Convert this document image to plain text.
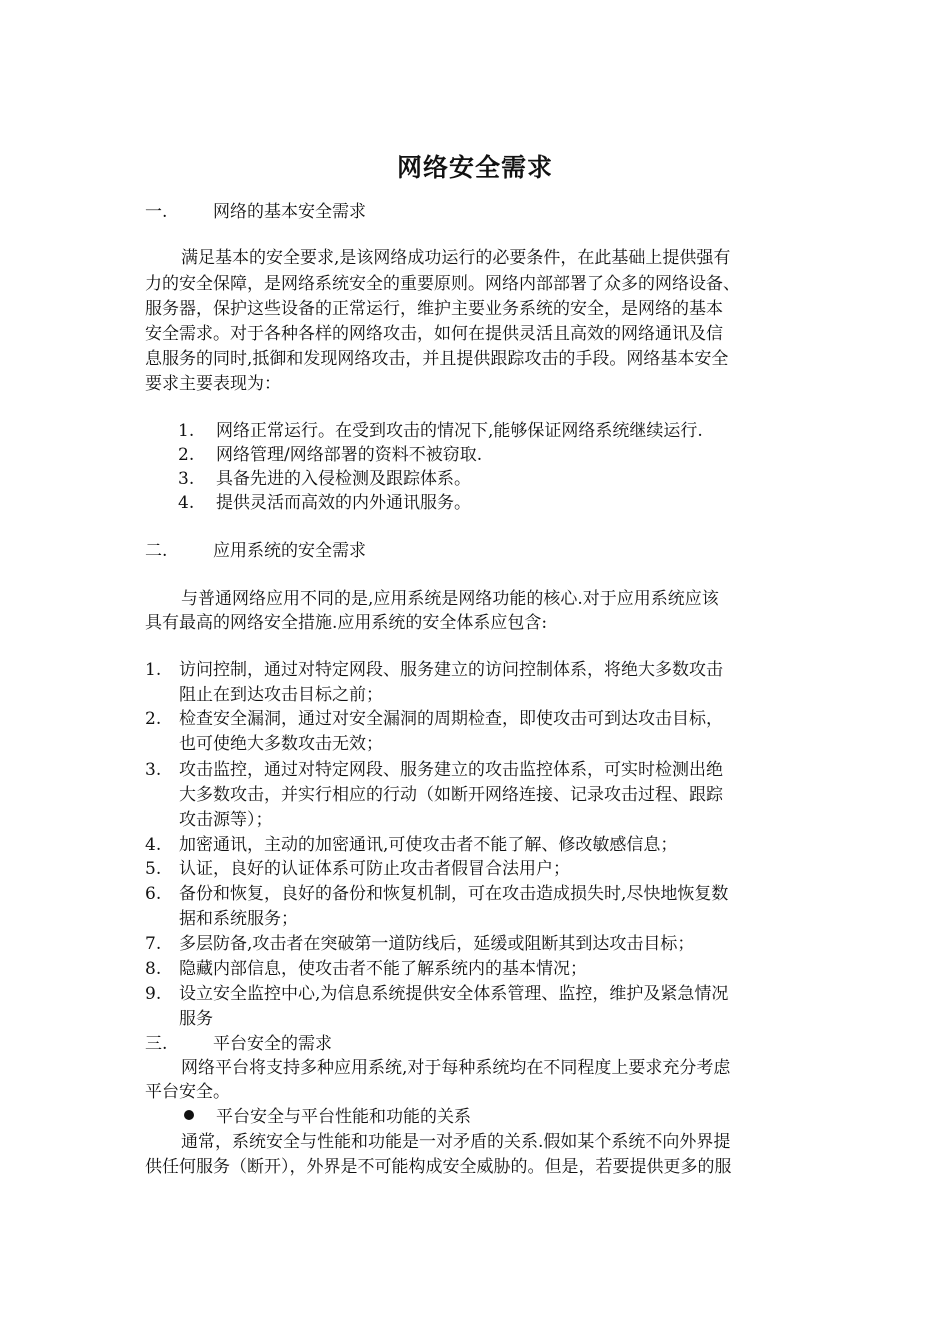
网络安全需求
一.	网络的基本安全需求
满足基本的安全要求,是该网络成功运行的必要条件，在此基础上提供强有
力的安全保障，是网络系统安全的重要原则。网络内部部署了众多的网络设备、
服务器，保护这些设备的正常运行，维护主要业务系统的安全，是网络的基本
安全需求。对于各种各样的网络攻击，如何在提供灵活且高效的网络通讯及信
息服务的同时,抵御和发现网络攻击，并且提供跟踪攻击的手段。网络基本安全
要求主要表现为：
1. 网络正常运行。在受到攻击的情况下,能够保证网络系统继续运行.
2. 网络管理/网络部署的资料不被窃取.
3. 具备先进的入侵检测及跟踪体系。
4. 提供灵活而高效的内外通讯服务。
二.	应用系统的安全需求
与普通网络应用不同的是,应用系统是网络功能的核心.对于应用系统应该
具有最高的网络安全措施.应用系统的安全体系应包含:
1. 访问控制，通过对特定网段、服务建立的访问控制体系，将绝大多数攻击
阻止在到达攻击目标之前；
2. 检查安全漏洞，通过对安全漏洞的周期检查，即使攻击可到达攻击目标，
也可使绝大多数攻击无效；
3. 攻击监控，通过对特定网段、服务建立的攻击监控体系，可实时检测出绝
大多数攻击，并实行相应的行动（如断开网络连接、记录攻击过程、跟踪
攻击源等）；
4. 加密通讯，主动的加密通讯,可使攻击者不能了解、修改敏感信息；
5. 认证，良好的认证体系可防止攻击者假冒合法用户；
6. 备份和恢复，良好的备份和恢复机制，可在攻击造成损失时,尽快地恢复数
据和系统服务；
7. 多层防备,攻击者在突破第一道防线后，延缓或阻断其到达攻击目标；
8. 隐藏内部信息，使攻击者不能了解系统内的基本情况；
9. 设立安全监控中心,为信息系统提供安全体系管理、监控，维护及紧急情况
服务
三.	平台安全的需求
网络平台将支持多种应用系统,对于每种系统均在不同程度上要求充分考虑
平台安全。
平台安全与平台性能和功能的关系
通常，系统安全与性能和功能是一对矛盾的关系.假如某个系统不向外界提
供任何服务（断开），外界是不可能构成安全威胁的。但是，若要提供更多的服
